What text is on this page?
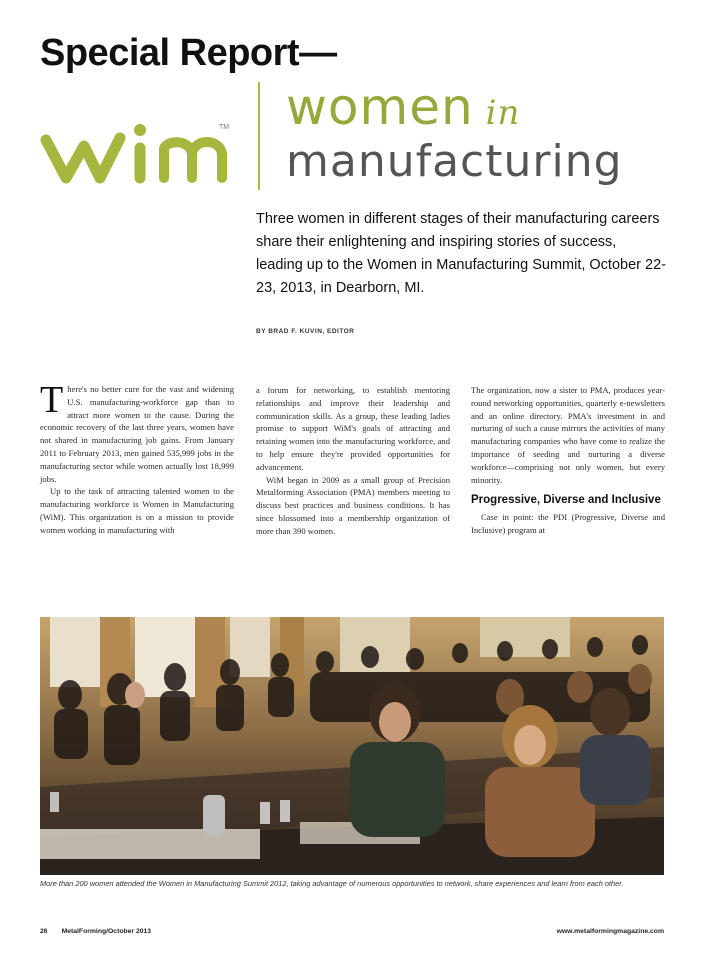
Special Report—
TM women in
manufacturing

Three women in different stages of their manufacturing careers share their enlightening and inspiring stories of success, leading up to the Women in Manufacturing Summit, October 22-23, 2013, in Dearborn, MI.

BY BRAD F. KUVIN, EDITOR

There's no better cure for the vast and widening U.S. manufacturing-workforce gap than to attract more women to the cause. During the economic recovery of the last three years, women have not shared in manufacturing job gains. From January 2011 to February 2013, men gained 535,999 jobs in the manufacturing sector while women actually lost 18,999 jobs.

Up to the task of attracting talented women to the manufacturing workforce is Women in Manufacturing (WiM). This organization is on a mission to provide women working in manufacturing with

a forum for networking, to establish mentoring relationships and improve their leadership and communication skills. As a group, these leading ladies promise to support WiM's goals of attracting and retaining women into the manufacturing workforce, and to help ensure they're provided opportunities for advancement.

WiM began in 2009 as a small group of Precision Metalforming Association (PMA) members meeting to discuss best practices and business conditions. It has since blossomed into a membership organization of more than 390 women.

The organization, now a sister to PMA, produces year-round networking opportunities, quarterly e-newsletters and an online directory. PMA's investment in and nurturing of such a cause mirrors the activities of many manufacturing companies who have come to realize the importance of seeding and nurturing a diverse workforce—comprising not only women, but every minority.

Progressive, Diverse and Inclusive

Case in point: the PDI (Progressive, Diverse and Inclusive) program at

More than 200 women attended the Women in Manufacturing Summit 2012, taking advantage of numerous opportunities to network, share experiences and learn from each other.

26 MetalForming/October 2013	www.metalformingmagazine.com
